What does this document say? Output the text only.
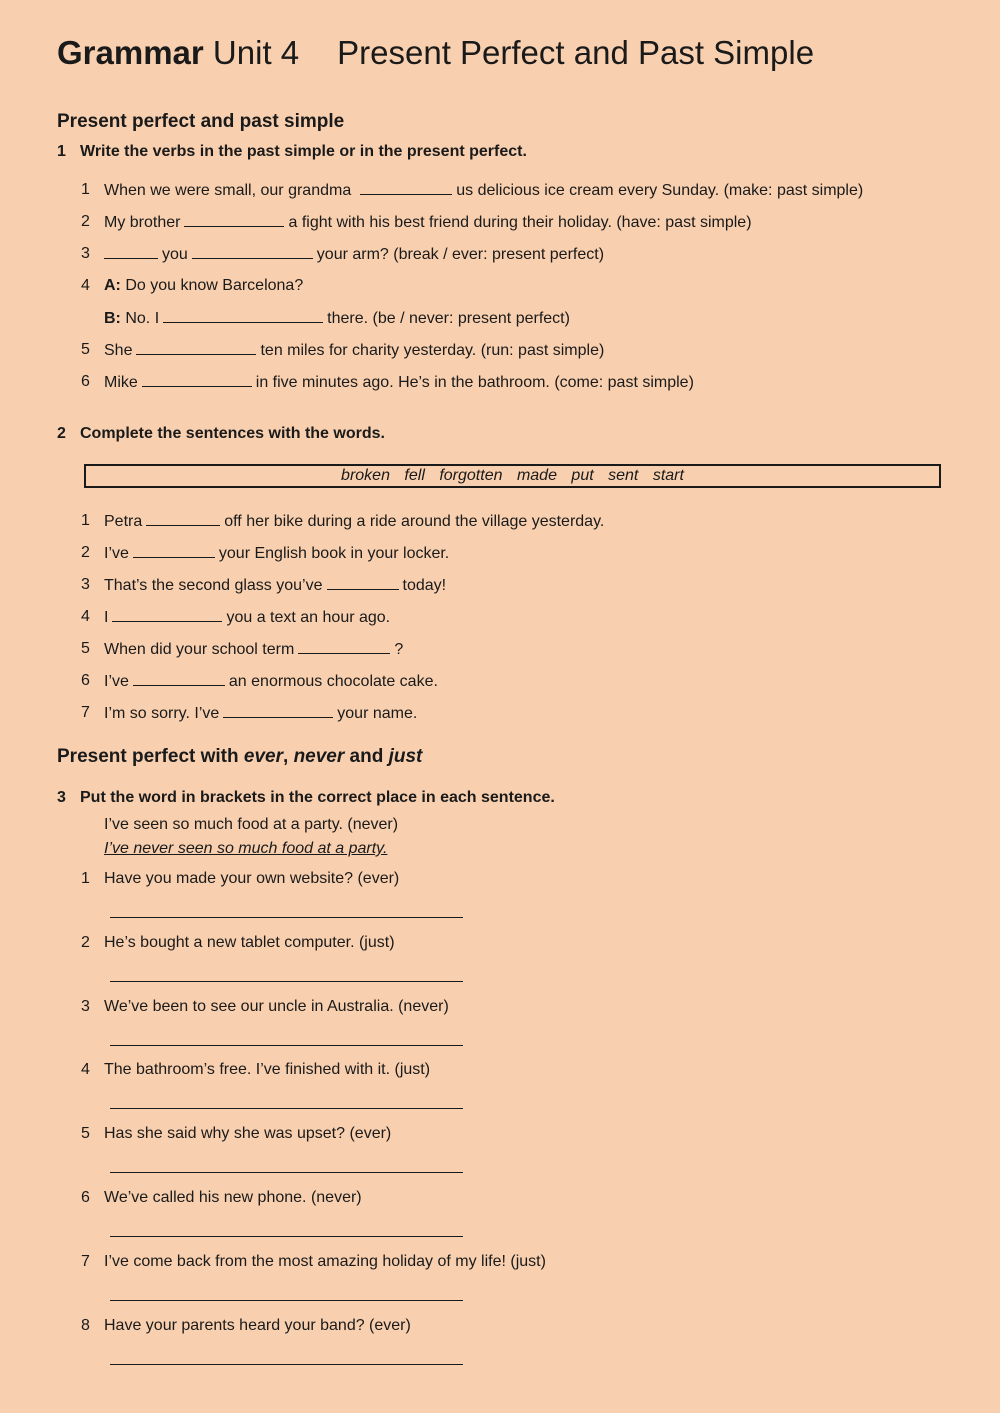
Grammar Unit 4 Present Perfect and Past Simple
Present perfect and past simple
1 Write the verbs in the past simple or in the present perfect.
1 When we were small, our grandma	us delicious ice cream every Sunday. (make: past simple)
2 My brother	a fight with his best friend during their holiday. (have: past simple)
3	you	your arm? (break / ever: present perfect)
4 A: Do you know Barcelona?
B: No. I	there. (be / never: present perfect)
5 She	ten miles for charity yesterday. (run: past simple)
6 Mike	in five minutes ago. He’s in the bathroom. (come: past simple)
2 Complete the sentences with the words.
broken fell forgotten made put sent start
1 Petra	off her bike during a ride around the village yesterday.
2 I’ve	your English book in your locker.
3 That’s the second glass you’ve	today!
4 I	you a text an hour ago.
5 When did your school term	?
6 I’ve	an enormous chocolate cake.
7 I’m so sorry. I’ve	your name.
Present perfect with ever, never and just
3 Put the word in brackets in the correct place in each sentence.
I’ve seen so much food at a party. (never)
I’ve never seen so much food at a party.
1 Have you made your own website? (ever)
2 He’s bought a new tablet computer. (just)
3 We’ve been to see our uncle in Australia. (never)
4 The bathroom’s free. I’ve finished with it. (just)
5 Has she said why she was upset? (ever)
6 We’ve called his new phone. (never)
7 I’ve come back from the most amazing holiday of my life! (just)
8 Have your parents heard your band? (ever)
